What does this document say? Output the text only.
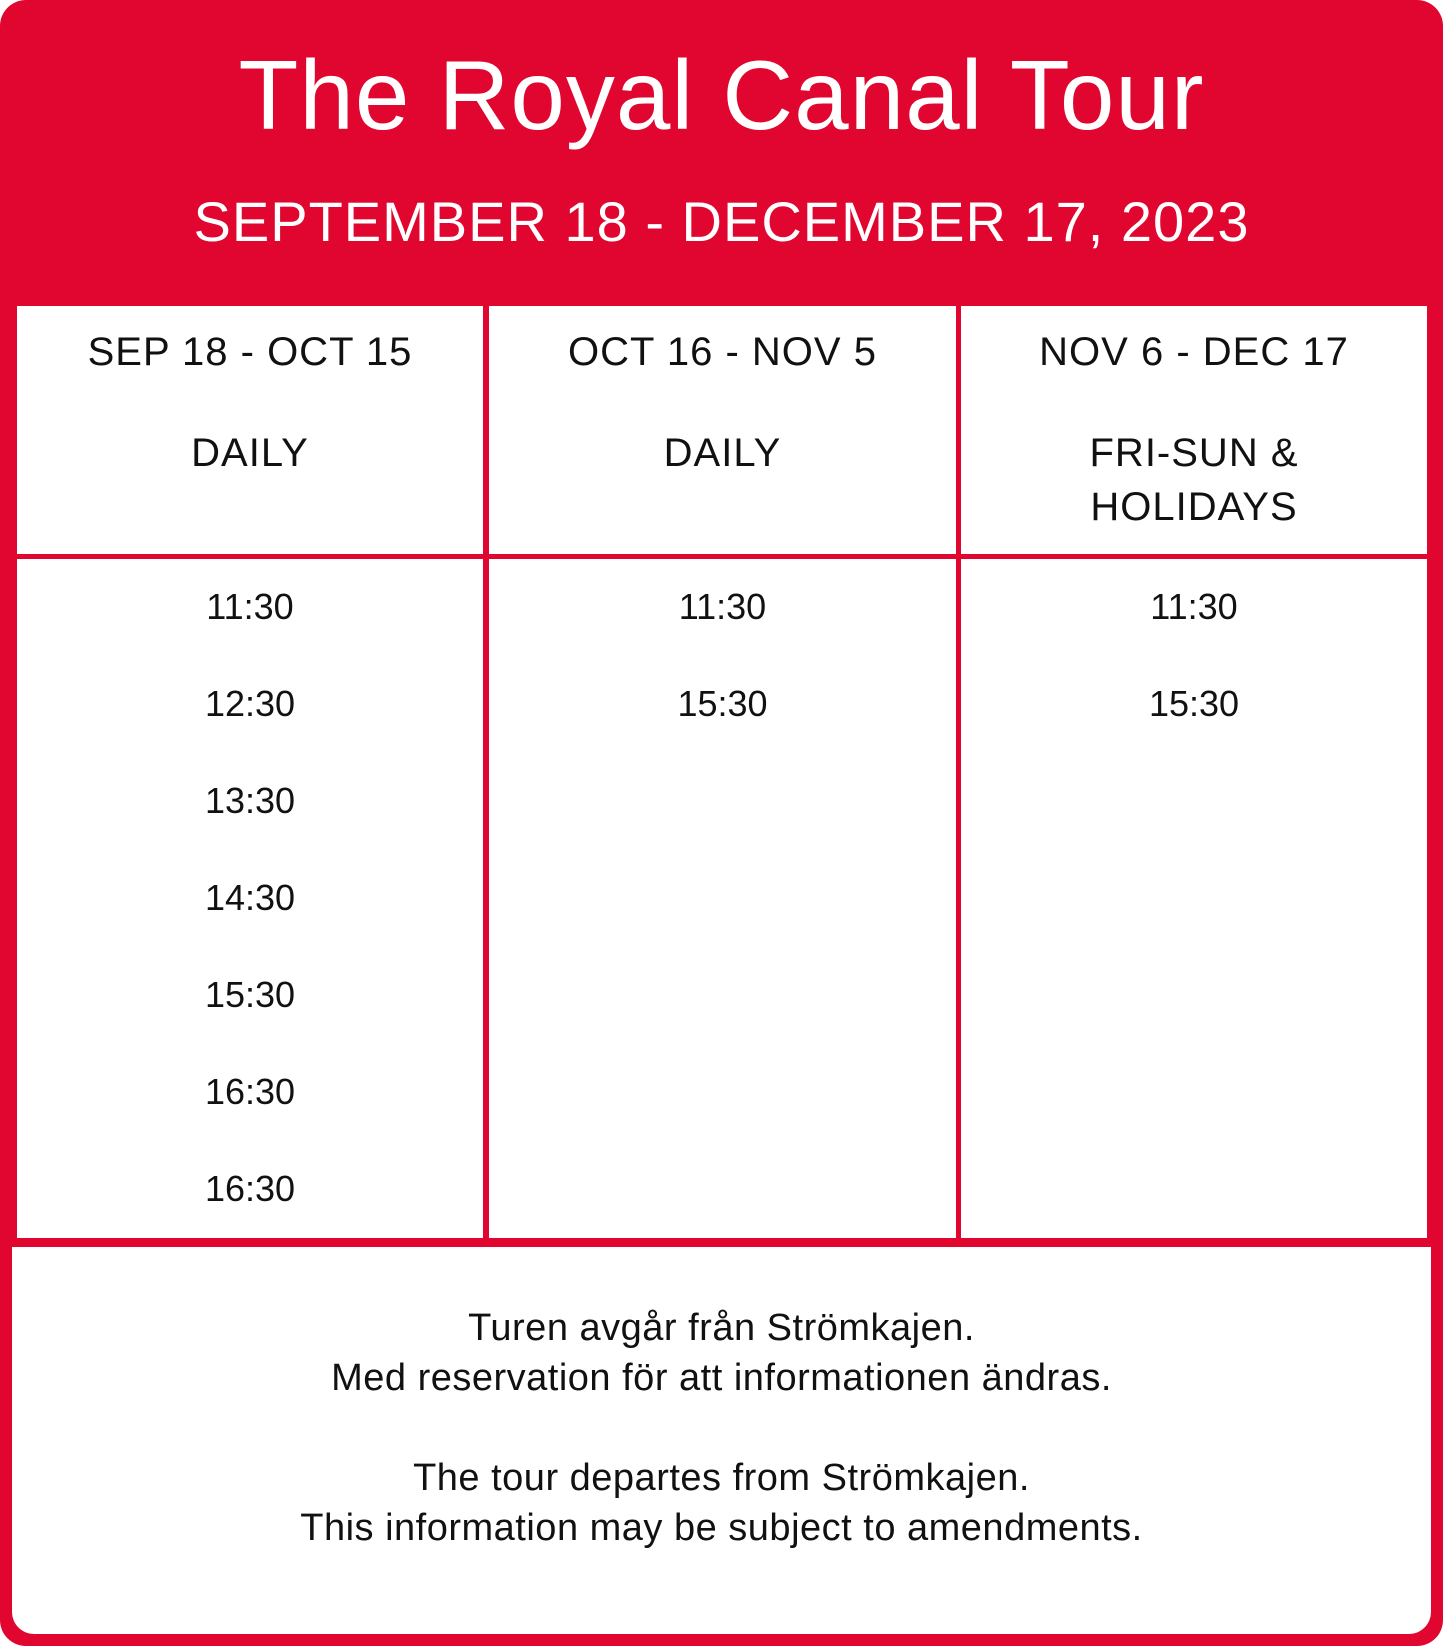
The Royal Canal Tour
SEPTEMBER 18 - DECEMBER 17, 2023
SEP 18 - OCT 15
DAILY
OCT 16 - NOV 5
DAILY
NOV 6 - DEC 17
FRI-SUN &
HOLIDAYS
11:30
12:30
13:30
14:30
15:30
16:30
16:30
11:30
15:30
11:30
15:30
Turen avgår från Strömkajen.
Med reservation för att informationen ändras.
The tour departes from Strömkajen.
This information may be subject to amendments.
